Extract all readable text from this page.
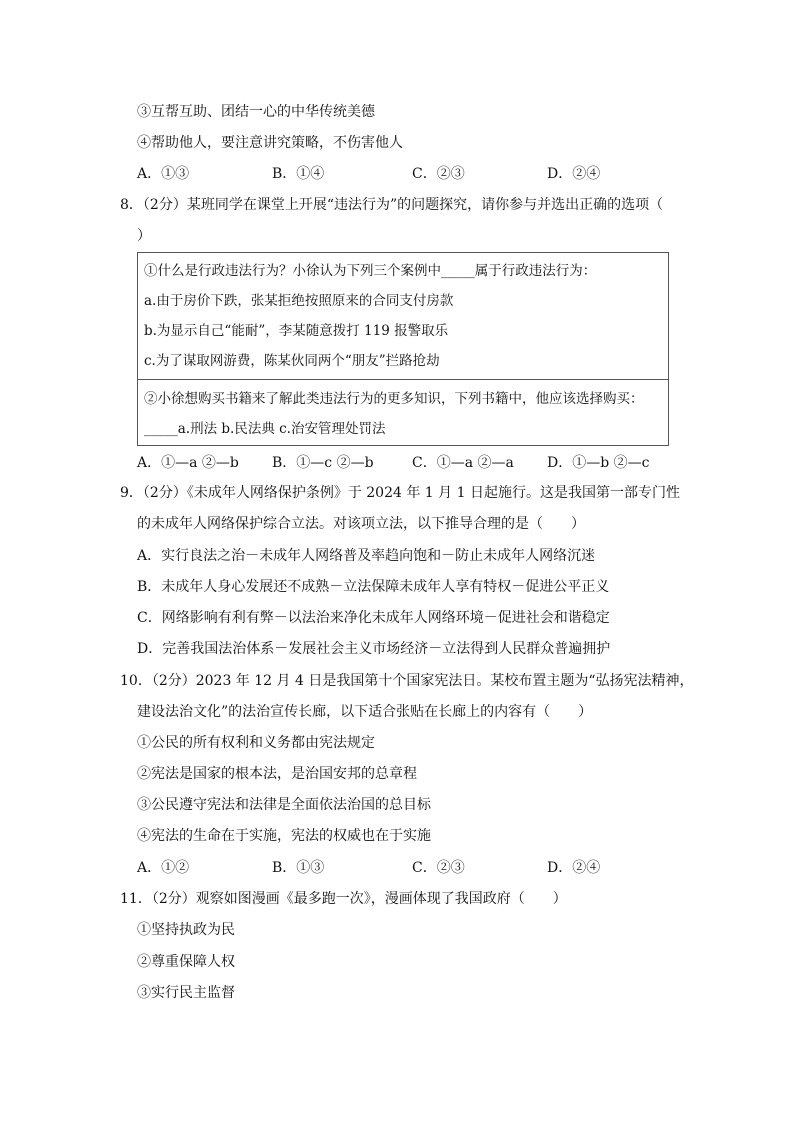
③互帮互助、团结一心的中华传统美德
④帮助他人，要注意讲究策略，不伤害他人
A．①③	B．①④	C．②③	D．②④
8．（2分）某班同学在课堂上开展“违法行为”的问题探究，请你参与并选出正确的选项（
）
①什么是行政违法行为？小徐认为下列三个案例中_____属于行政违法行为：
a.由于房价下跌，张某拒绝按照原来的合同支付房款
b.为显示自己“能耐”，李某随意拨打 119 报警取乐
c.为了谋取网游费，陈某伙同两个“朋友”拦路抢劫
②小徐想购买书籍来了解此类违法行为的更多知识，下列书籍中，他应该选择购买：
_____a.刑法 b.民法典 c.治安管理处罚法
A．①—a ②—b B．①—c ②—b	C．①—a ②—a D．①—b ②—c
9．（2分）《未成年人网络保护条例》于 2024 年 1 月 1 日起施行。这是我国第一部专门性
的未成年人网络保护综合立法。对该项立法，以下推导合理的是（　　）
A．实行良法之治－未成年人网络普及率趋向饱和－防止未成年人网络沉迷
B．未成年人身心发展还不成熟－立法保障未成年人享有特权－促进公平正义
C．网络影响有利有弊－以法治来净化未成年人网络环境－促进社会和谐稳定
D．完善我国法治体系－发展社会主义市场经济－立法得到人民群众普遍拥护
10．（2分）2023 年 12 月 4 日是我国第十个国家宪法日。某校布置主题为“弘扬宪法精神，
建设法治文化”的法治宣传长廊，以下适合张贴在长廊上的内容有（　　）
①公民的所有权利和义务都由宪法规定
②宪法是国家的根本法，是治国安邦的总章程
③公民遵守宪法和法律是全面依法治国的总目标
④宪法的生命在于实施，宪法的权威也在于实施
A．①②	B．①③	C．②③	D．②④
11．（2分）观察如图漫画《最多跑一次》，漫画体现了我国政府（　　）
①坚持执政为民
②尊重保障人权
③实行民主监督
